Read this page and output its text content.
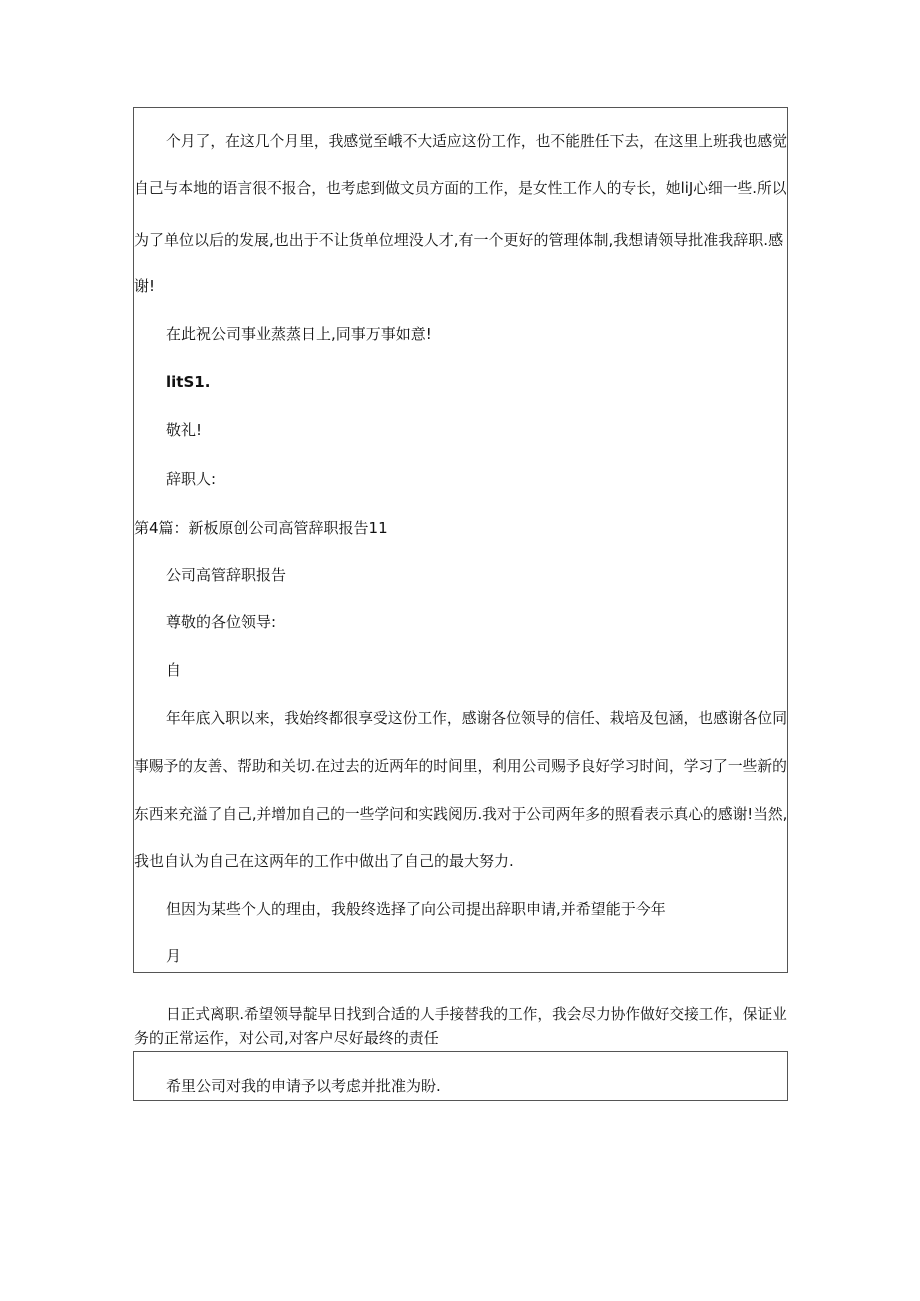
个月了，在这几个月里，我感觉至峨不大适应这份工作，也不能胜任下去，在这里上班我也感觉

自己与本地的语言很不报合，也考虑到做文员方面的工作，是女性工作人的专长，她liJ心细一些.所以

为了单位以后的发展,也出于不让货单位埋没人才,有一个更好的管理体制,我想请领导批准我辞职.感

谢!

在此祝公司事业蒸蒸日上,同事万事如意!

litS1.

敬礼!

辞职人:

第4篇：新板原创公司高管辞职报告11

公司高管辞职报告

尊敬的各位领导:

自

年年底入职以来，我始终都很享受这份工作，感谢各位领导的信任、栽培及包涵，也感谢各位同

事赐予的友善、帮助和关切.在过去的近两年的时间里，利用公司赐予良好学习时间，学习了一些新的

东西来充溢了自己,并增加自己的一些学问和实践阅历.我对于公司两年多的照看表示真心的感谢!当然,

我也自认为自己在这两年的工作中做出了自己的最大努力.

但因为某些个人的理由，我般终选择了向公司提出辞职申请,并希望能于今年

月

日正式离职.希望领导靛早日找到合适的人手接替我的工作，我会尽力协作做好交接工作，保证业

务的正常运作，对公司,对客户尽好最终的责任

希里公司对我的申请予以考虑并批准为盼.
